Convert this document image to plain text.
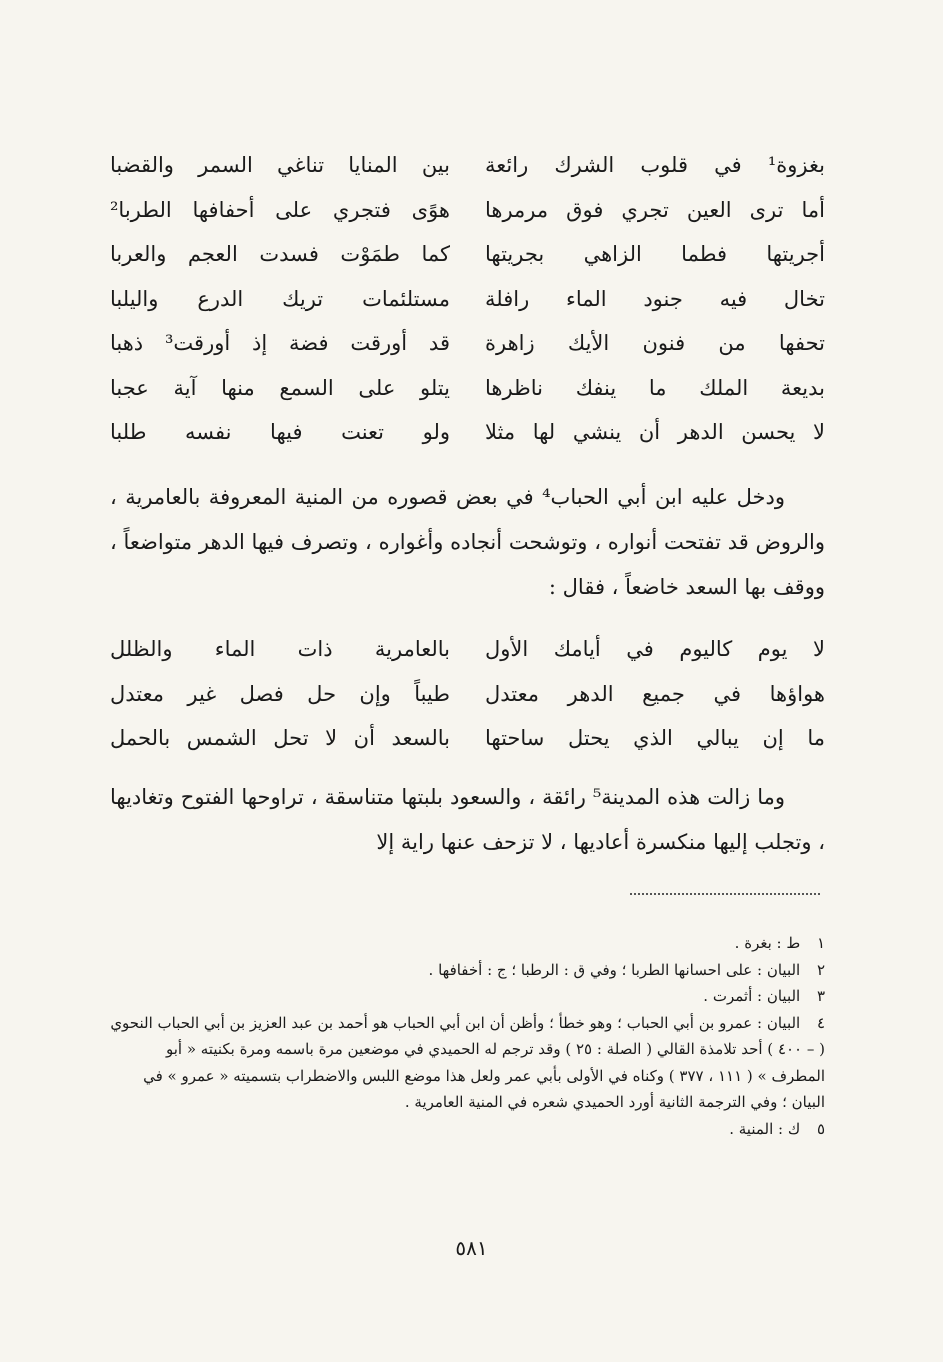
بغزوة¹ في قلوب الشرك رائعة
بين المنايا تناغي السمر والقضبا
أما ترى العين تجري فوق مرمرها
هوًى فتجري على أحفافها الطربا²
أجريتها فطما الزاهي بجريتها
كما طمَوْت فسدت العجم والعربا
تخال فيه جنود الماء رافلة
مستلئمات تريك الدرع واليلبا
تحفها من فنون الأيك زاهرة
قد أورقت فضة إذ أورقت³ ذهبا
بديعة الملك ما ينفك ناظرها
يتلو على السمع منها آية عجبا
لا يحسن الدهر أن ينشي لها مثلا
ولو تعنت فيها نفسه طلبا

ودخل عليه ابن أبي الحباب⁴ في بعض قصوره من المنية المعروفة بالعامرية ، والروض قد تفتحت أنواره ، وتوشحت أنجاده وأغواره ، وتصرف فيها الدهر متواضعاً ، ووقف بها السعد خاضعاً ، فقال :

لا يوم كاليوم في أيامك الأول
بالعامرية ذات الماء والظلل
هواؤها في جميع الدهر معتدل
طيباً وإن حل فصل غير معتدل
ما إن يبالي الذي يحتل ساحتها
بالسعد أن لا تحل الشمس بالحمل

وما زالت هذه المدينة⁵ رائقة ، والسعود بلبتها متناسقة ، تراوحها الفتوح وتغاديها ، وتجلب إليها منكسرة أعاديها ، لا تزحف عنها راية إلا

١ ط : بغرة .

٢ البيان : على احسانها الطربا ؛ وفي ق : الرطبا ؛ ج : أخفافها .

٣ البيان : أثمرت .

٤ البيان : عمرو بن أبي الحباب ؛ وهو خطأ ؛ وأظن أن ابن أبي الحباب هو أحمد بن عبد العزيز بن أبي الحباب النحوي ( – ٤٠٠ ) أحد تلامذة القالي ( الصلة : ٢٥ ) وقد ترجم له الحميدي في موضعين مرة باسمه ومرة بكنيته « أبو المطرف » ( ١١١ ، ٣٧٧ ) وكناه في الأولى بأبي عمر ولعل هذا موضع اللبس والاضطراب بتسميته « عمرو » في البيان ؛ وفي الترجمة الثانية أورد الحميدي شعره في المنية العامرية .

٥ ك : المنية .

٥٨١
